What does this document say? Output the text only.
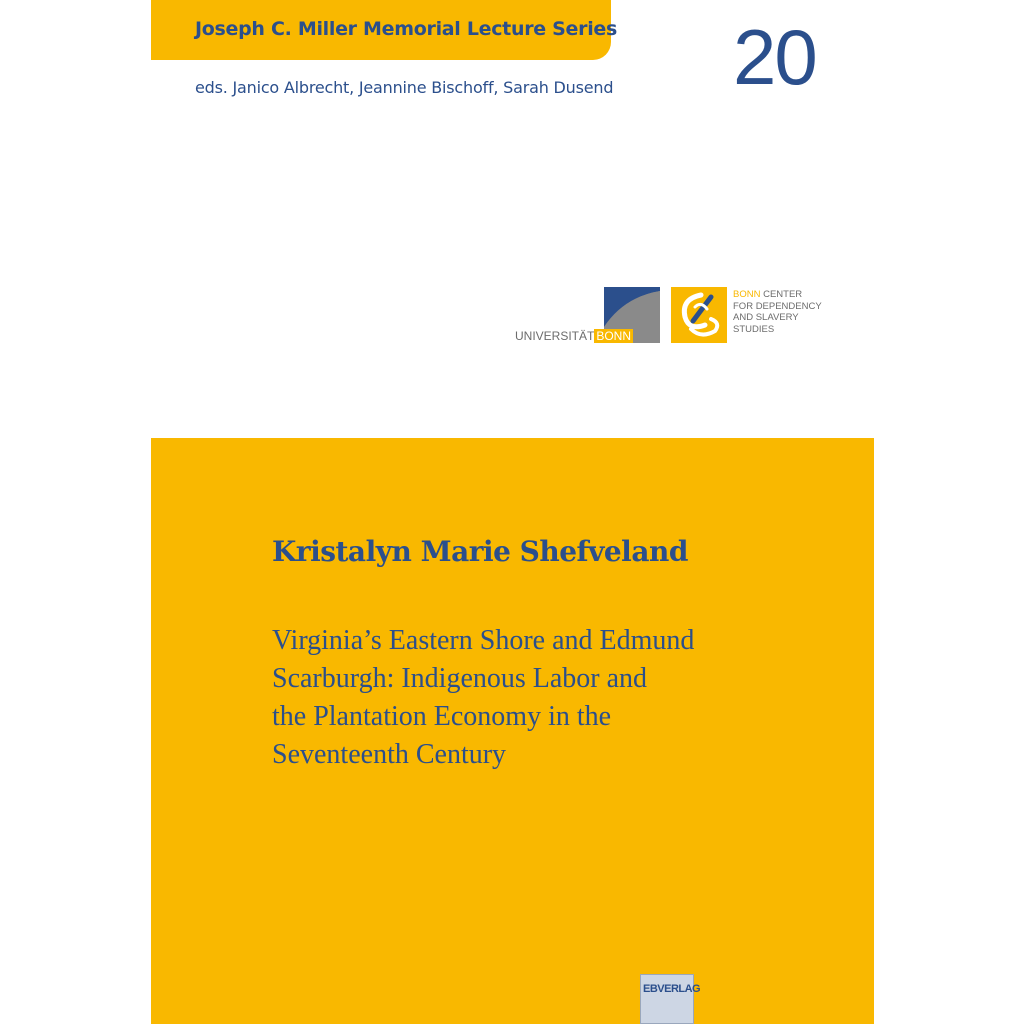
Joseph C. Miller Memorial Lecture Series
eds. Janico Albrecht, Jeannine Bischoff, Sarah Dusend 20
UNIVERSITÄT BONN
BONN CENTER
FOR DEPENDENCY
AND SLAVERY
STUDIES
Kristalyn Marie Shefveland
Virginia’s Eastern Shore and Edmund
Scarburgh: Indigenous Labor and
the Plantation Economy in the
Seventeenth Century
EBVERLAG
